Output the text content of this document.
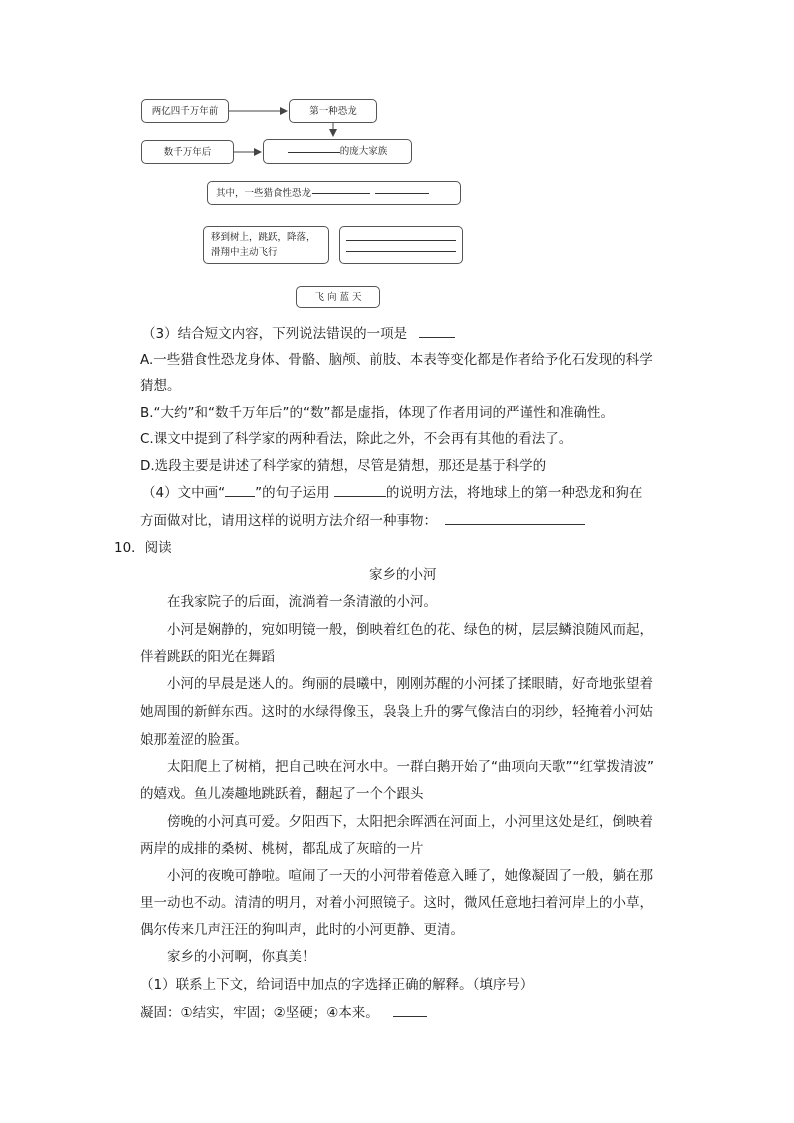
两亿四千万年前	第一种恐龙
数千万年后	的庞大家族
其中，一些猎食性恐龙
移到树上，跳跃，降落，
滑翔中主动飞行
飞 向 蓝 天
（3）结合短文内容，下列说法错误的一项是
A.一些猎食性恐龙身体、骨骼、脑颅、前肢、本表等变化都是作者给予化石发现的科学
猜想。
B.“大约”和“数千万年后”的“数”都是虚指，体现了作者用词的严谨性和准确性。
C.课文中提到了科学家的两种看法，除此之外，不会再有其他的看法了。
D.选段主要是讲述了科学家的猜想，尽管是猜想，那还是基于科学的
（4）文中画“ ”的句子运用	的说明方法，将地球上的第一种恐龙和狗在
方面做对比，请用这样的说明方法介绍一种事物：
10．阅读
家乡的小河
在我家院子的后面，流淌着一条清澈的小河。
小河是娴静的，宛如明镜一般，倒映着红色的花、绿色的树，层层鳞浪随风而起，
伴着跳跃的阳光在舞蹈
小河的早晨是迷人的。绚丽的晨曦中，刚刚苏醒的小河揉了揉眼睛，好奇地张望着
她周围的新鲜东西。这时的水绿得像玉，袅袅上升的雾气像洁白的羽纱，轻掩着小河姑
娘那羞涩的脸蛋。
太阳爬上了树梢，把自己映在河水中。一群白鹅开始了“曲项向天歌”“红掌拨清波”
的嬉戏。鱼儿凑趣地跳跃着，翻起了一个个跟头
傍晚的小河真可爱。夕阳西下，太阳把余晖洒在河面上，小河里这处是红，倒映着
两岸的成排的桑树、桃树，都乱成了灰暗的一片
小河的夜晚可静啦。喧闹了一天的小河带着倦意入睡了，她像凝固了一般，躺在那
里一动也不动。清清的明月，对着小河照镜子。这时，微风任意地扫着河岸上的小草，
偶尔传来几声汪汪的狗叫声，此时的小河更静、更清。
家乡的小河啊，你真美！
（1）联系上下文，给词语中加点的字选择正确的解释。（填序号）
凝固：①结实，牢固；②坚硬；④本来。
